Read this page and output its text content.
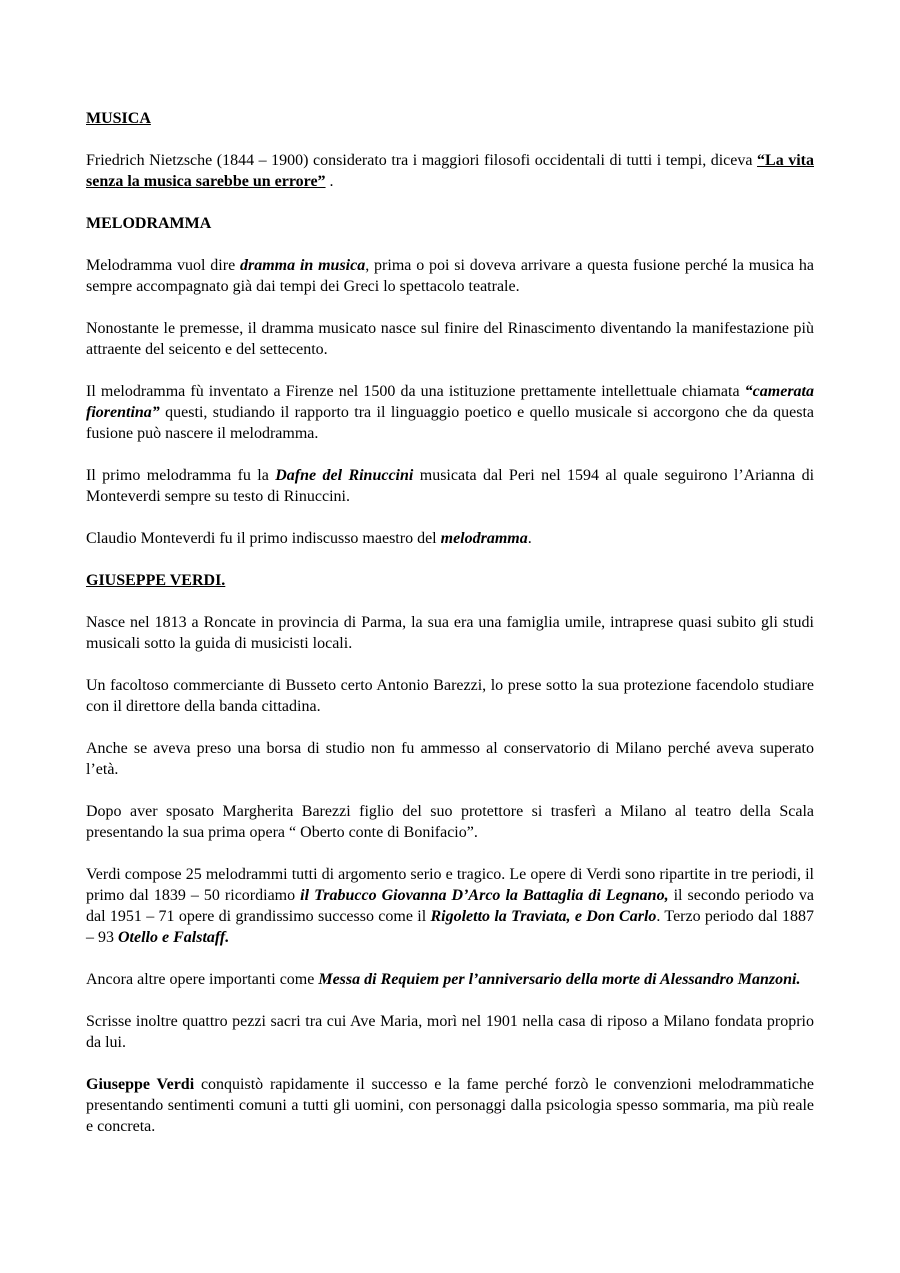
MUSICA

Friedrich Nietzsche (1844 – 1900) considerato tra i maggiori filosofi occidentali di tutti i tempi, diceva “La vita senza la musica sarebbe un errore” .

MELODRAMMA

Melodramma vuol dire dramma in musica, prima o poi si doveva arrivare a questa fusione perché la musica ha sempre accompagnato già dai tempi dei Greci lo spettacolo teatrale.

Nonostante le premesse, il dramma musicato nasce sul finire del Rinascimento diventando la manifestazione più attraente del seicento e del settecento.

Il melodramma fù inventato a Firenze nel 1500 da una istituzione prettamente intellettuale chiamata “camerata fiorentina” questi, studiando il rapporto tra il linguaggio poetico e quello musicale si accorgono che da questa fusione può nascere il melodramma.

Il primo melodramma fu la Dafne del Rinuccini musicata dal Peri nel 1594 al quale seguirono l’Arianna di Monteverdi sempre su testo di Rinuccini.

Claudio Monteverdi fu il primo indiscusso maestro del melodramma.

GIUSEPPE VERDI.

Nasce nel 1813 a Roncate in provincia di Parma, la sua era una famiglia umile, intraprese quasi subito gli studi musicali sotto la guida di musicisti locali.

Un facoltoso commerciante di Busseto certo Antonio Barezzi, lo prese sotto la sua protezione facendolo studiare con il direttore della banda cittadina.

Anche se aveva preso una borsa di studio non fu ammesso al conservatorio di Milano perché aveva superato l’età.

Dopo aver sposato Margherita Barezzi figlio del suo protettore si trasferì a Milano al teatro della Scala presentando la sua prima opera “ Oberto conte di Bonifacio”.

Verdi compose 25 melodrammi tutti di argomento serio e tragico. Le opere di Verdi sono ripartite in tre periodi, il primo dal 1839 – 50 ricordiamo il Trabucco Giovanna D’Arco la Battaglia di Legnano, il secondo periodo va dal 1951 – 71 opere di grandissimo successo come il Rigoletto la Traviata, e Don Carlo. Terzo periodo dal 1887 – 93 Otello e Falstaff.

Ancora altre opere importanti come Messa di Requiem per l’anniversario della morte di Alessandro Manzoni.

Scrisse inoltre quattro pezzi sacri tra cui Ave Maria, morì nel 1901 nella casa di riposo a Milano fondata proprio da lui.

Giuseppe Verdi conquistò rapidamente il successo e la fame perché forzò le convenzioni melodrammatiche presentando sentimenti comuni a tutti gli uomini, con personaggi dalla psicologia spesso sommaria, ma più reale e concreta.
